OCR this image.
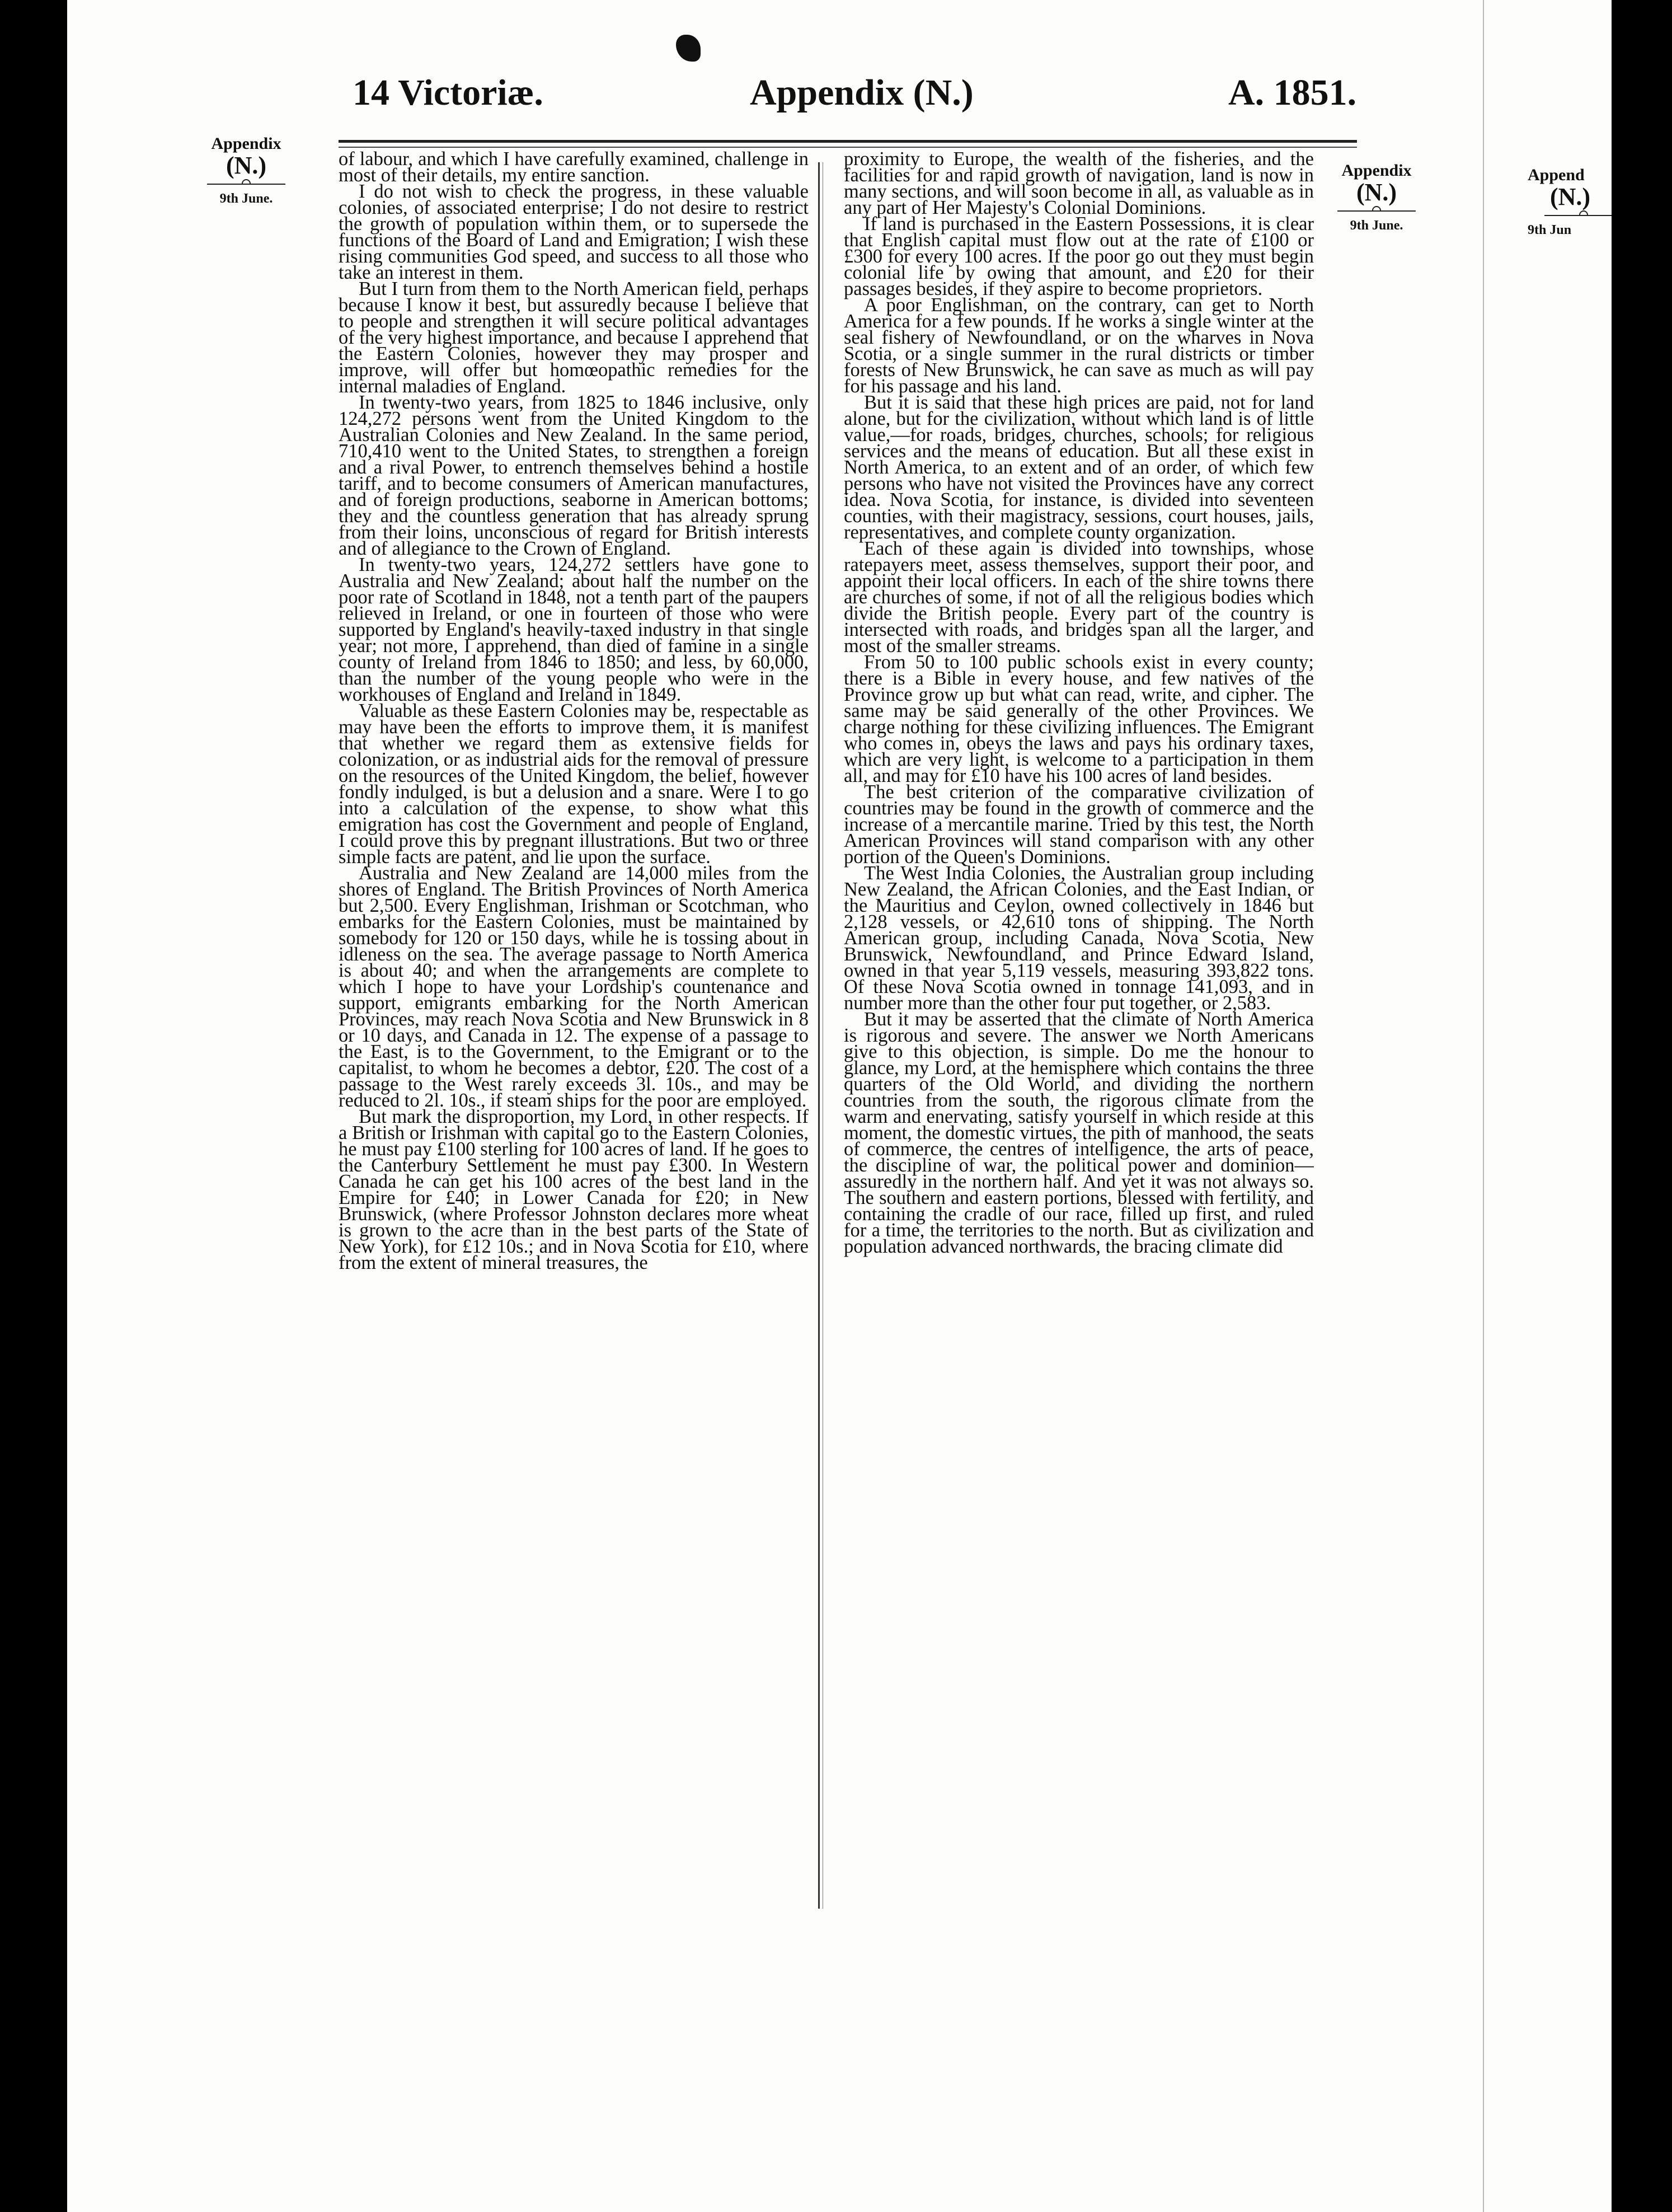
14 Victoriæ.	Appendix (N.)	A. 1851.
Appendix
(N.)
9th June.
Appendix
(N.)
9th June.
Append
(N.)
9th Jun

of labour, and which I have carefully examined, challenge in most of their details, my entire sanction.

I do not wish to check the progress, in these valuable colonies, of associated enterprise; I do not desire to restrict the growth of population within them, or to supersede the functions of the Board of Land and Emigration; I wish these rising communities God speed, and success to all those who take an interest in them.

But I turn from them to the North American field, perhaps because I know it best, but assuredly because I believe that to people and strengthen it will secure political advantages of the very highest importance, and because I apprehend that the Eastern Colonies, however they may prosper and improve, will offer but homœopathic remedies for the internal maladies of England.

In twenty-two years, from 1825 to 1846 inclusive, only 124,272 persons went from the United Kingdom to the Australian Colonies and New Zealand. In the same period, 710,410 went to the United States, to strengthen a foreign and a rival Power, to entrench themselves behind a hostile tariff, and to become consumers of American manufactures, and of foreign productions, seaborne in American bottoms; they and the countless generation that has already sprung from their loins, unconscious of regard for British interests and of allegiance to the Crown of England.

In twenty-two years, 124,272 settlers have gone to Australia and New Zealand; about half the number on the poor rate of Scotland in 1848, not a tenth part of the paupers relieved in Ireland, or one in fourteen of those who were supported by England's heavily-taxed industry in that single year; not more, I apprehend, than died of famine in a single county of Ireland from 1846 to 1850; and less, by 60,000, than the number of the young people who were in the workhouses of England and Ireland in 1849.

Valuable as these Eastern Colonies may be, respectable as may have been the efforts to improve them, it is manifest that whether we regard them as extensive fields for colonization, or as industrial aids for the removal of pressure on the resources of the United Kingdom, the belief, however fondly indulged, is but a delusion and a snare. Were I to go into a calculation of the expense, to show what this emigration has cost the Government and people of England, I could prove this by pregnant illustrations. But two or three simple facts are patent, and lie upon the surface.

Australia and New Zealand are 14,000 miles from the shores of England. The British Provinces of North America but 2,500. Every Englishman, Irishman or Scotchman, who embarks for the Eastern Colonies, must be maintained by somebody for 120 or 150 days, while he is tossing about in idleness on the sea. The average passage to North America is about 40; and when the arrangements are complete to which I hope to have your Lordship's countenance and support, emigrants embarking for the North American Provinces, may reach Nova Scotia and New Brunswick in 8 or 10 days, and Canada in 12. The expense of a passage to the East, is to the Government, to the Emigrant or to the capitalist, to whom he becomes a debtor, £20. The cost of a passage to the West rarely exceeds 3l. 10s., and may be reduced to 2l. 10s., if steam ships for the poor are employed.

But mark the disproportion, my Lord, in other respects. If a British or Irishman with capital go to the Eastern Colonies, he must pay £100 sterling for 100 acres of land. If he goes to the Canterbury Settlement he must pay £300. In Western Canada he can get his 100 acres of the best land in the Empire for £40; in Lower Canada for £20; in New Brunswick, (where Professor Johnston declares more wheat is grown to the acre than in the best parts of the State of New York), for £12 10s.; and in Nova Scotia for £10, where from the extent of mineral treasures, the

proximity to Europe, the wealth of the fisheries, and the facilities for and rapid growth of navigation, land is now in many sections, and will soon become in all, as valuable as in any part of Her Majesty's Colonial Dominions.

If land is purchased in the Eastern Possessions, it is clear that English capital must flow out at the rate of £100 or £300 for every 100 acres. If the poor go out they must begin colonial life by owing that amount, and £20 for their passages besides, if they aspire to become proprietors.

A poor Englishman, on the contrary, can get to North America for a few pounds. If he works a single winter at the seal fishery of Newfoundland, or on the wharves in Nova Scotia, or a single summer in the rural districts or timber forests of New Brunswick, he can save as much as will pay for his passage and his land.

But it is said that these high prices are paid, not for land alone, but for the civilization, without which land is of little value,—for roads, bridges, churches, schools; for religious services and the means of education. But all these exist in North America, to an extent and of an order, of which few persons who have not visited the Provinces have any correct idea. Nova Scotia, for instance, is divided into seventeen counties, with their magistracy, sessions, court houses, jails, representatives, and complete county organization.

Each of these again is divided into townships, whose ratepayers meet, assess themselves, support their poor, and appoint their local officers. In each of the shire towns there are churches of some, if not of all the religious bodies which divide the British people. Every part of the country is intersected with roads, and bridges span all the larger, and most of the smaller streams.

From 50 to 100 public schools exist in every county; there is a Bible in every house, and few natives of the Province grow up but what can read, write, and cipher. The same may be said generally of the other Provinces. We charge nothing for these civilizing influences. The Emigrant who comes in, obeys the laws and pays his ordinary taxes, which are very light, is welcome to a participation in them all, and may for £10 have his 100 acres of land besides.

The best criterion of the comparative civilization of countries may be found in the growth of commerce and the increase of a mercantile marine. Tried by this test, the North American Provinces will stand comparison with any other portion of the Queen's Dominions.

The West India Colonies, the Australian group including New Zealand, the African Colonies, and the East Indian, or the Mauritius and Ceylon, owned collectively in 1846 but 2,128 vessels, or 42,610 tons of shipping. The North American group, including Canada, Nova Scotia, New Brunswick, Newfoundland, and Prince Edward Island, owned in that year 5,119 vessels, measuring 393,822 tons. Of these Nova Scotia owned in tonnage 141,093, and in number more than the other four put together, or 2,583.

But it may be asserted that the climate of North America is rigorous and severe. The answer we North Americans give to this objection, is simple. Do me the honour to glance, my Lord, at the hemisphere which contains the three quarters of the Old World, and dividing the northern countries from the south, the rigorous climate from the warm and enervating, satisfy yourself in which reside at this moment, the domestic virtues, the pith of manhood, the seats of commerce, the centres of intelligence, the arts of peace, the discipline of war, the political power and dominion—assuredly in the northern half. And yet it was not always so. The southern and eastern portions, blessed with fertility, and containing the cradle of our race, filled up first, and ruled for a time, the territories to the north. But as civilization and population advanced northwards, the bracing climate did
